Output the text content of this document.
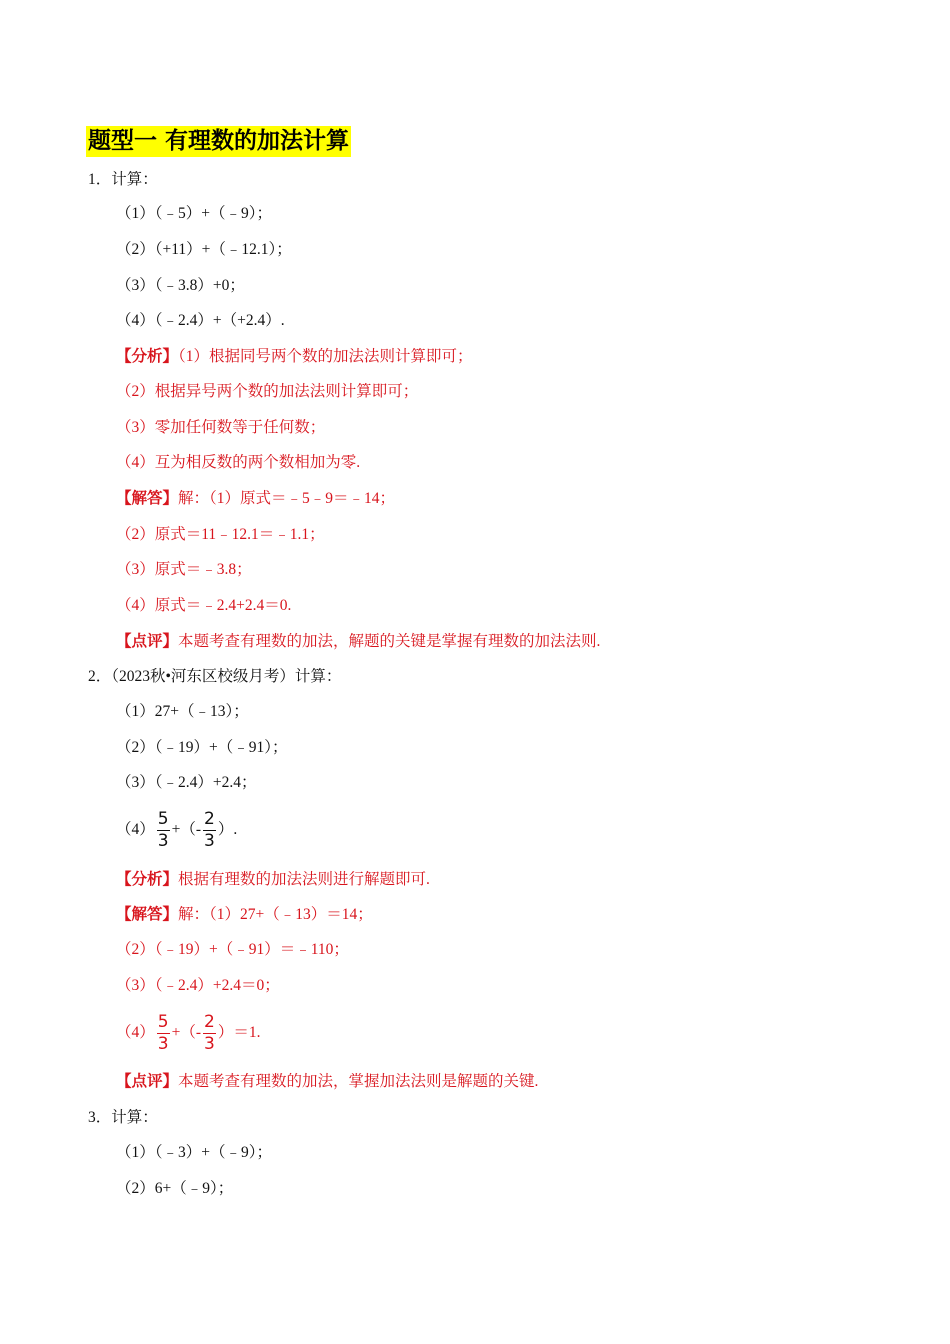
题型一 有理数的加法计算
1．计算：
（1）（﹣5）+（﹣9）；
（2）（+11）+（﹣12.1）；
（3）（﹣3.8）+0；
（4）（﹣2.4）+（+2.4）.
【分析】（1）根据同号两个数的加法法则计算即可；
（2）根据异号两个数的加法法则计算即可；
（3）零加任何数等于任何数；
（4）互为相反数的两个数相加为零.
【解答】解：（1）原式＝﹣5﹣9＝﹣14；
（2）原式＝11﹣12.1＝﹣1.1；
（3）原式＝﹣3.8；
（4）原式＝﹣2.4+2.4＝0.
【点评】本题考查有理数的加法，解题的关键是掌握有理数的加法法则.
2．（2023秋•河东区校级月考）计算：
（1）27+（﹣13）；
（2）（﹣19）+（﹣91）；
（3）（﹣2.4）+2.4；
$(4) \frac{5}{3}$ +（- $\frac{2}{3}$ ）.
【分析】根据有理数的加法法则进行解题即可.
【解答】解：（1）27+（﹣13）＝14；
（2）（﹣19）+（﹣91）＝﹣110；
（3）（﹣2.4）+2.4＝0；
$(4) \frac{5}{3}$ +（- $\frac{2}{3} )=1$.
【点评】本题考查有理数的加法，掌握加法法则是解题的关键.
3．计算：
（1）（﹣3）+（﹣9）；
（2）6+（﹣9）；
